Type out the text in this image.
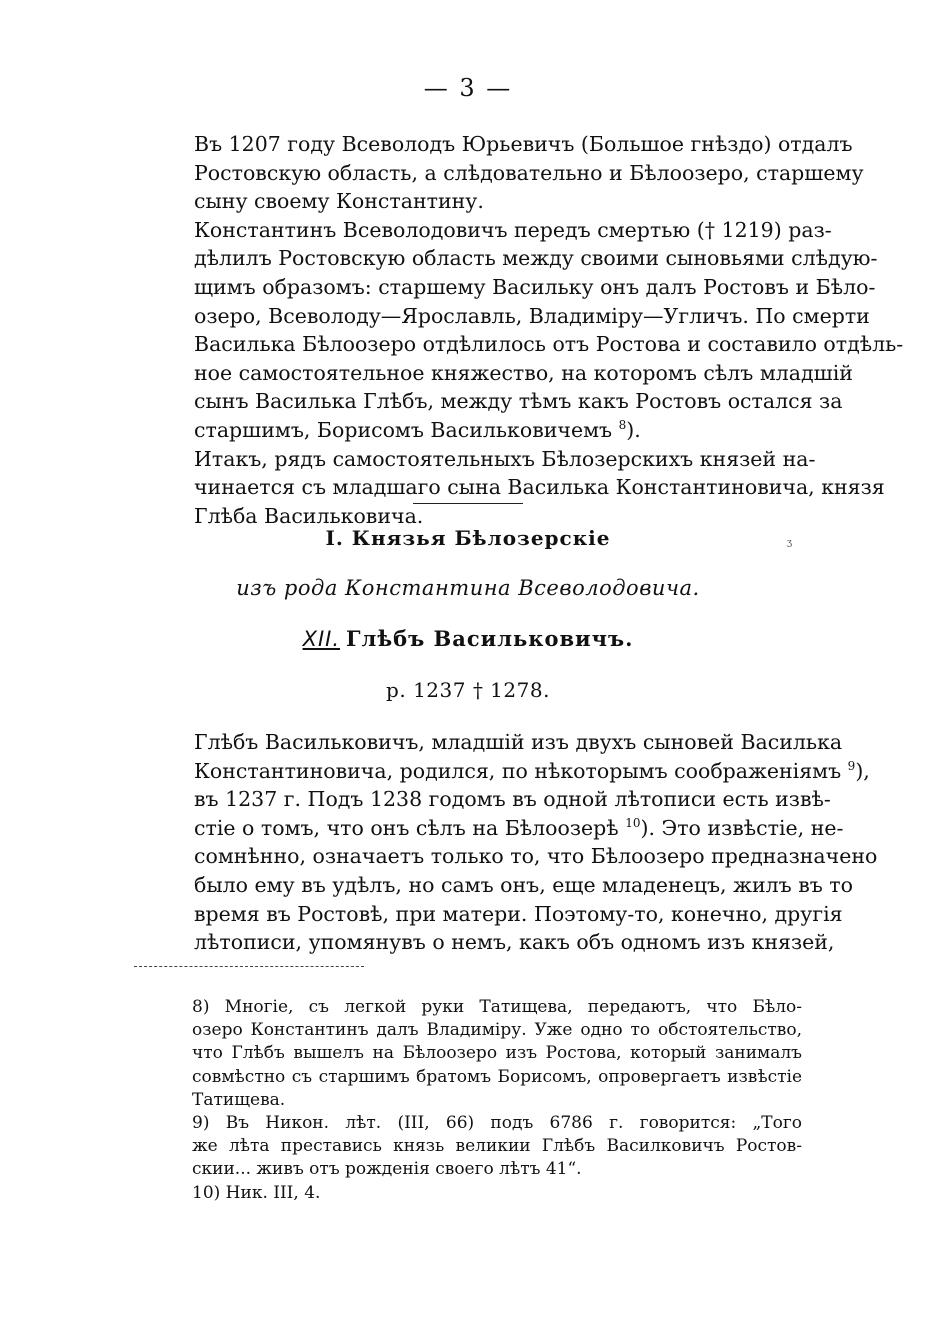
— 3 —

Въ 1207 году Всеволодъ Юрьевичъ (Большое гнѣздо) отдалъ
Ростовскую область, а слѣдовательно и Бѣлоозеро, старшему
сыну своему Константину.

Константинъ Всеволодовичъ передъ смертью († 1219) раз-
дѣлилъ Ростовскую область между своими сыновьями слѣдую-
щимъ образомъ: старшему Васильку онъ далъ Ростовъ и Бѣло-
озеро, Всеволоду—Ярославль, Владиміру—Угличъ. По смерти
Василька Бѣлоозеро отдѣлилось отъ Ростова и составило отдѣль-
ное самостоятельное княжество, на которомъ сѣлъ младшій
сынъ Василька Глѣбъ, между тѣмъ какъ Ростовъ остался за
старшимъ, Борисомъ Васильковичемъ $^8$).

Итакъ, рядъ самостоятельныхъ Бѣлозерскихъ князей на-
чинается съ младшаго сына Василька Константиновича, князя
Глѣба Васильковича.

I. Князья Бѣлозерскіе	ʒ
изъ рода Константина Всеволодовича.
XII. Глѣбъ Васильковичъ.
р. 1237 † 1278.

Глѣбъ Васильковичъ, младшій изъ двухъ сыновей Василька
Константиновича, родился, по нѣкоторымъ соображеніямъ $^9$),
въ 1237 г. Подъ 1238 годомъ въ одной лѣтописи есть извѣ-
стіе о томъ, что онъ сѣлъ на Бѣлоозерѣ $^{10}$). Это извѣстіе, не-
сомнѣнно, означаетъ только то, что Бѣлоозеро предназначено
было ему въ удѣлъ, но самъ онъ, еще младенецъ, жилъ въ то
время въ Ростовѣ, при матери. Поэтому-то, конечно, другія
лѣтописи, упомянувъ о немъ, какъ объ одномъ изъ князей,

8) Многіе, съ легкой руки Татищева, передаютъ, что Бѣло-
озеро Константинъ далъ Владиміру. Уже одно то обстоятельство,
что Глѣбъ вышелъ на Бѣлоозеро изъ Ростова, который занималъ
совмѣстно съ старшимъ братомъ Борисомъ, опровергаетъ извѣстіе
Татищева.

9) Въ Никон. лѣт. (III, 66) подъ 6786 г. говорится: „Того
же лѣта преставись князь великии Глѣбъ Василковичъ Ростов-
скии... живъ отъ рожденія своего лѣтъ 41“.

10) Ник. III, 4.
